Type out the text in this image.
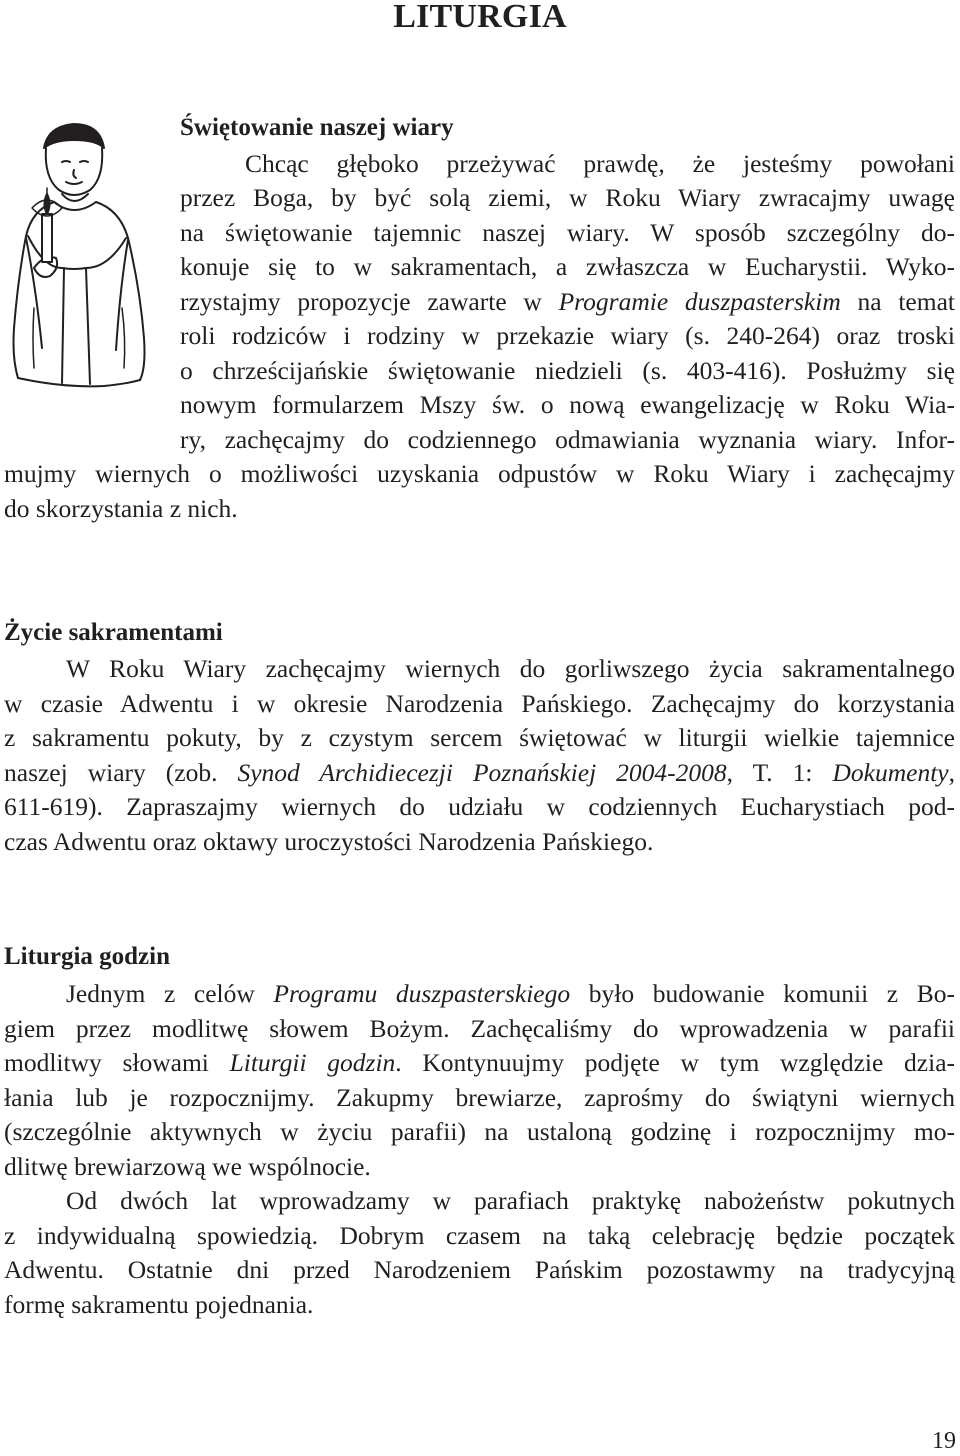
LITURGIA
Świętowanie naszej wiary
Chcąc głęboko przeżywać prawdę, że jesteśmy powołani
przez Boga, by być solą ziemi, w Roku Wiary zwracajmy uwagę
na świętowanie tajemnic naszej wiary. W sposób szczególny do-
konuje się to w sakramentach, a zwłaszcza w Eucharystii. Wyko-
rzystajmy propozycje zawarte w Programie duszpasterskim na temat
roli rodziców i rodziny w przekazie wiary (s. 240-264) oraz troski
o chrześcijańskie świętowanie niedzieli (s. 403-416). Posłużmy się
nowym formularzem Mszy św. o nową ewangelizację w Roku Wia-
ry, zachęcajmy do codziennego odmawiania wyznania wiary. Infor-
mujmy wiernych o możliwości uzyskania odpustów w Roku Wiary i zachęcajmy
do skorzystania z nich.
Życie sakramentami
W Roku Wiary zachęcajmy wiernych do gorliwszego życia sakramentalnego
w czasie Adwentu i w okresie Narodzenia Pańskiego. Zachęcajmy do korzystania
z sakramentu pokuty, by z czystym sercem świętować w liturgii wielkie tajemnice
naszej wiary (zob. Synod Archidiecezji Poznańskiej 2004-2008, T. 1: Dokumenty,
611-619). Zapraszajmy wiernych do udziału w codziennych Eucharystiach pod-
czas Adwentu oraz oktawy uroczystości Narodzenia Pańskiego.
Liturgia godzin
Jednym z celów Programu duszpasterskiego było budowanie komunii z Bo-
giem przez modlitwę słowem Bożym. Zachęcaliśmy do wprowadzenia w parafii
modlitwy słowami Liturgii godzin. Kontynuujmy podjęte w tym względzie dzia-
łania lub je rozpocznijmy. Zakupmy brewiarze, zaprośmy do świątyni wiernych
(szczególnie aktywnych w życiu parafii) na ustaloną godzinę i rozpocznijmy mo-
dlitwę brewiarzową we wspólnocie.
Od dwóch lat wprowadzamy w parafiach praktykę nabożeństw pokutnych
z indywidualną spowiedzią. Dobrym czasem na taką celebrację będzie początek
Adwentu. Ostatnie dni przed Narodzeniem Pańskim pozostawmy na tradycyjną
formę sakramentu pojednania.
19
